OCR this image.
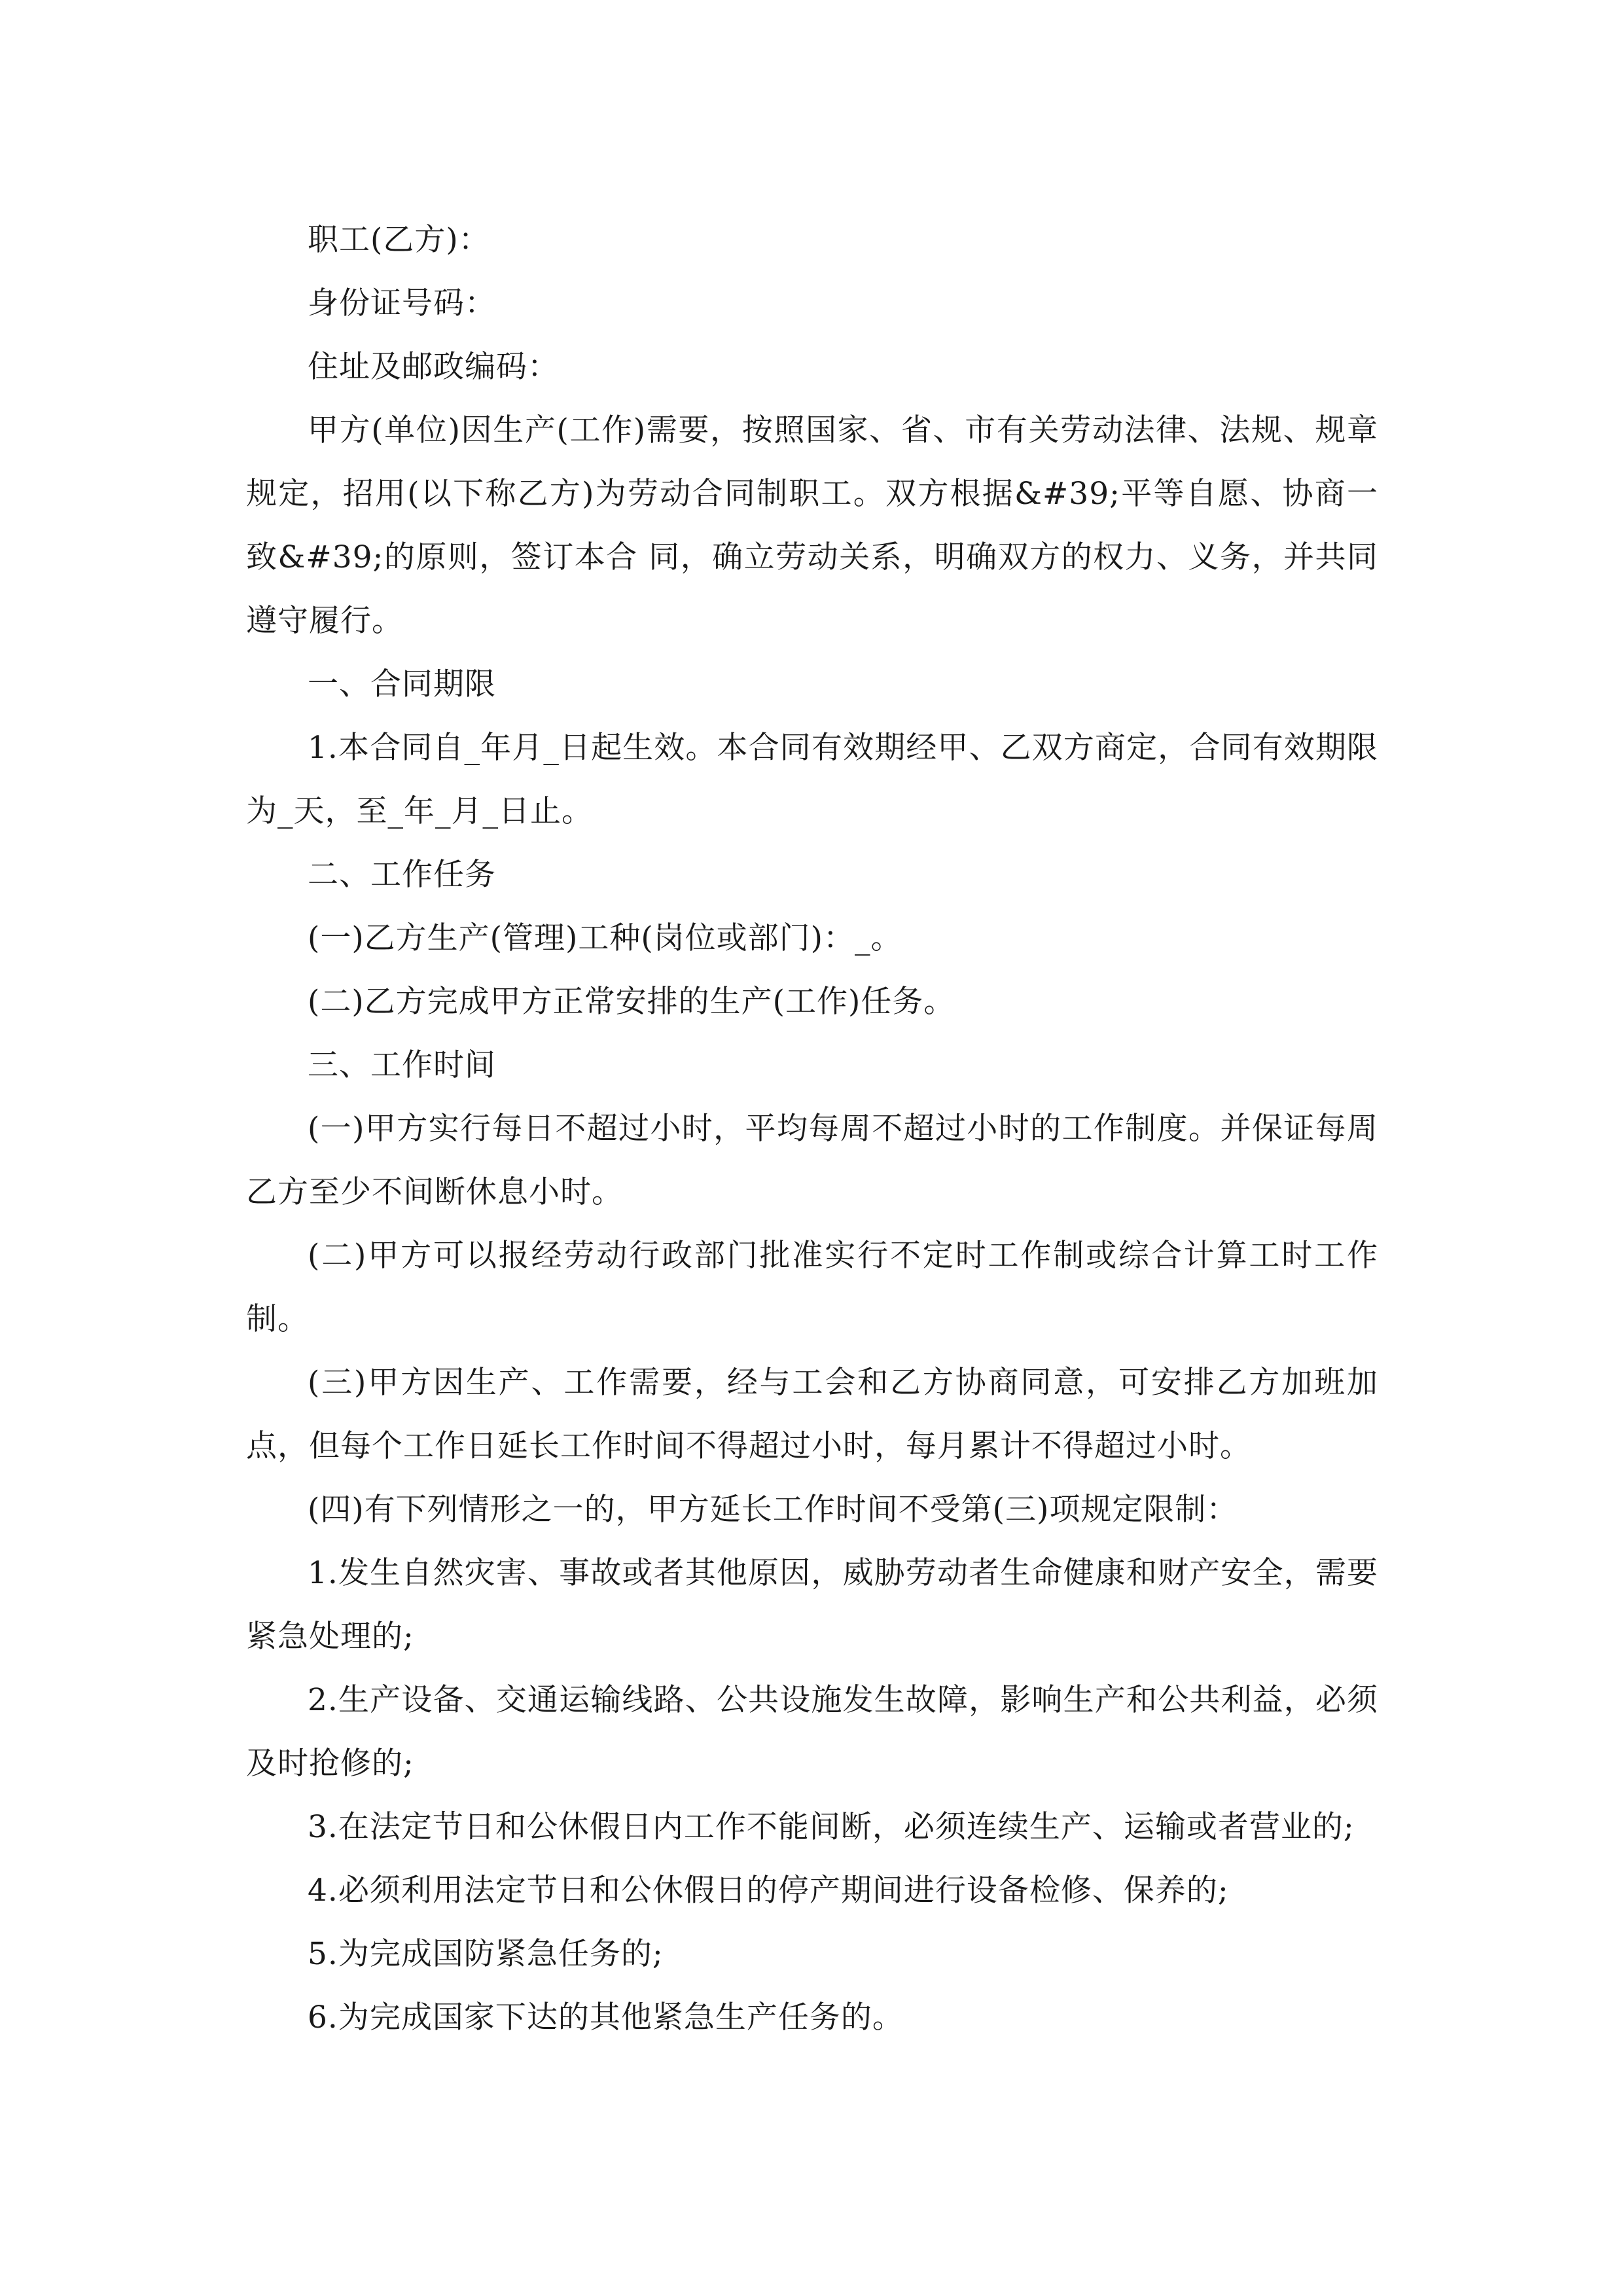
职工(乙方)：

身份证号码：

住址及邮政编码：

甲方(单位)因生产(工作)需要，按照国家、省、市有关劳动法律、法规、规章规定，招用(以下称乙方)为劳动合同制职工。双方根据&#39;平等自愿、协商一致&#39;的原则，签订本合 同，确立劳动关系，明确双方的权力、义务，并共同遵守履行。

一、合同期限

1.本合同自_年月_日起生效。本合同有效期经甲、乙双方商定，合同有效期限为_天，至_年_月_日止。

二、工作任务

(一)乙方生产(管理)工种(岗位或部门)：_。

(二)乙方完成甲方正常安排的生产(工作)任务。

三、工作时间

(一)甲方实行每日不超过小时，平均每周不超过小时的工作制度。并保证每周乙方至少不间断休息小时。

(二)甲方可以报经劳动行政部门批准实行不定时工作制或综合计算工时工作制。

(三)甲方因生产、工作需要，经与工会和乙方协商同意，可安排乙方加班加点，但每个工作日延长工作时间不得超过小时，每月累计不得超过小时。

(四)有下列情形之一的，甲方延长工作时间不受第(三)项规定限制：

1.发生自然灾害、事故或者其他原因，威胁劳动者生命健康和财产安全，需要紧急处理的;

2.生产设备、交通运输线路、公共设施发生故障，影响生产和公共利益，必须及时抢修的;

3.在法定节日和公休假日内工作不能间断，必须连续生产、运输或者营业的;

4.必须利用法定节日和公休假日的停产期间进行设备检修、保养的;

5.为完成国防紧急任务的;

6.为完成国家下达的其他紧急生产任务的。
